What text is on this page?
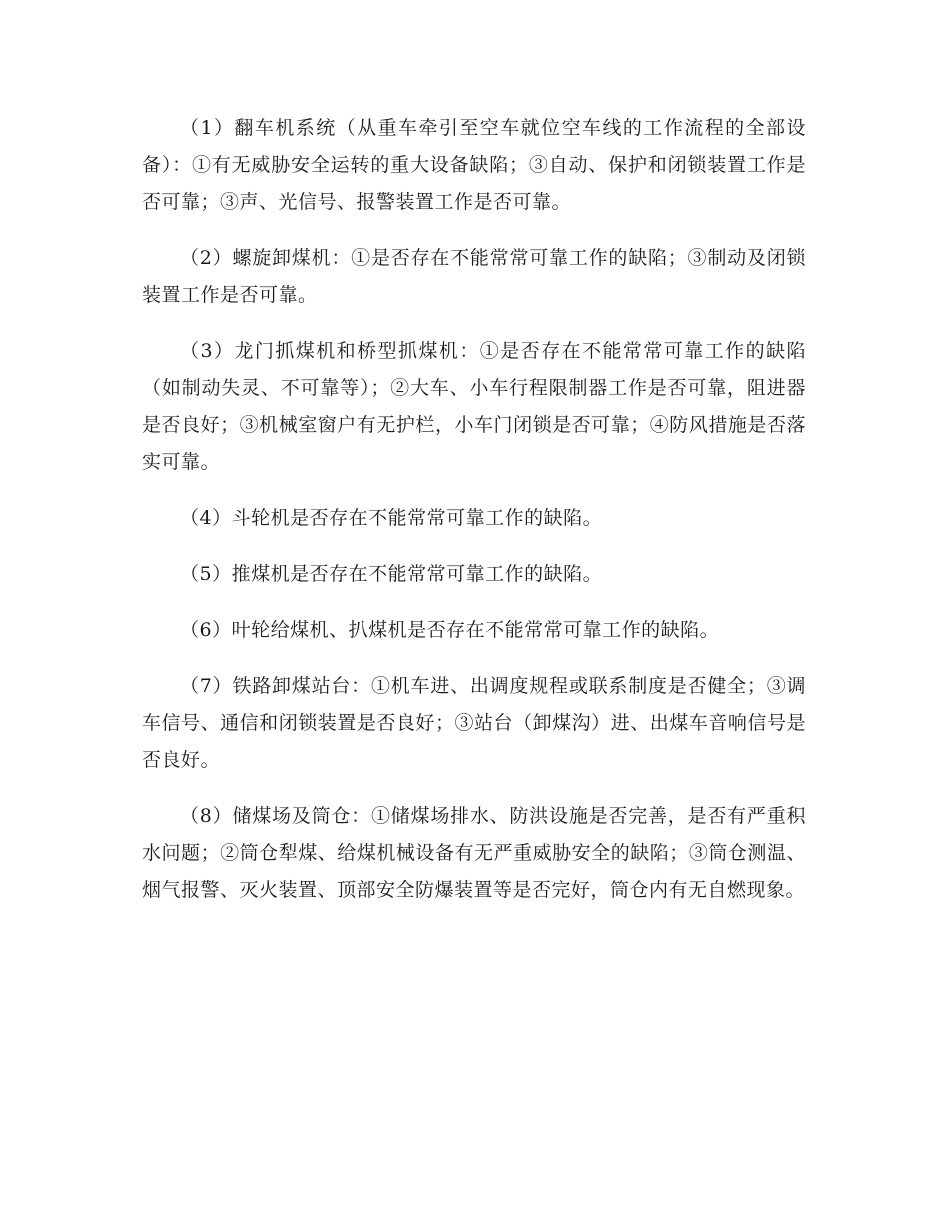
（1）翻车机系统（从重车牵引至空车就位空车线的工作流程的全部设备）：①有无威胁安全运转的重大设备缺陷；③自动、保护和闭锁装置工作是否可靠；③声、光信号、报警装置工作是否可靠。

（2）螺旋卸煤机：①是否存在不能常常可靠工作的缺陷；③制动及闭锁装置工作是否可靠。

（3）龙门抓煤机和桥型抓煤机：①是否存在不能常常可靠工作的缺陷（如制动失灵、不可靠等）；②大车、小车行程限制器工作是否可靠，阻进器是否良好；③机械室窗户有无护栏，小车门闭锁是否可靠；④防风措施是否落实可靠。

（4）斗轮机是否存在不能常常可靠工作的缺陷。

（5）推煤机是否存在不能常常可靠工作的缺陷。

（6）叶轮给煤机、扒煤机是否存在不能常常可靠工作的缺陷。

（7）铁路卸煤站台：①机车进、出调度规程或联系制度是否健全；③调车信号、通信和闭锁装置是否良好；③站台（卸煤沟）进、出煤车音响信号是否良好。

（8）储煤场及筒仓：①储煤场排水、防洪设施是否完善，是否有严重积水问题；②筒仓犁煤、给煤机械设备有无严重威胁安全的缺陷；③筒仓测温、烟气报警、灭火装置、顶部安全防爆装置等是否完好，筒仓内有无自燃现象。
